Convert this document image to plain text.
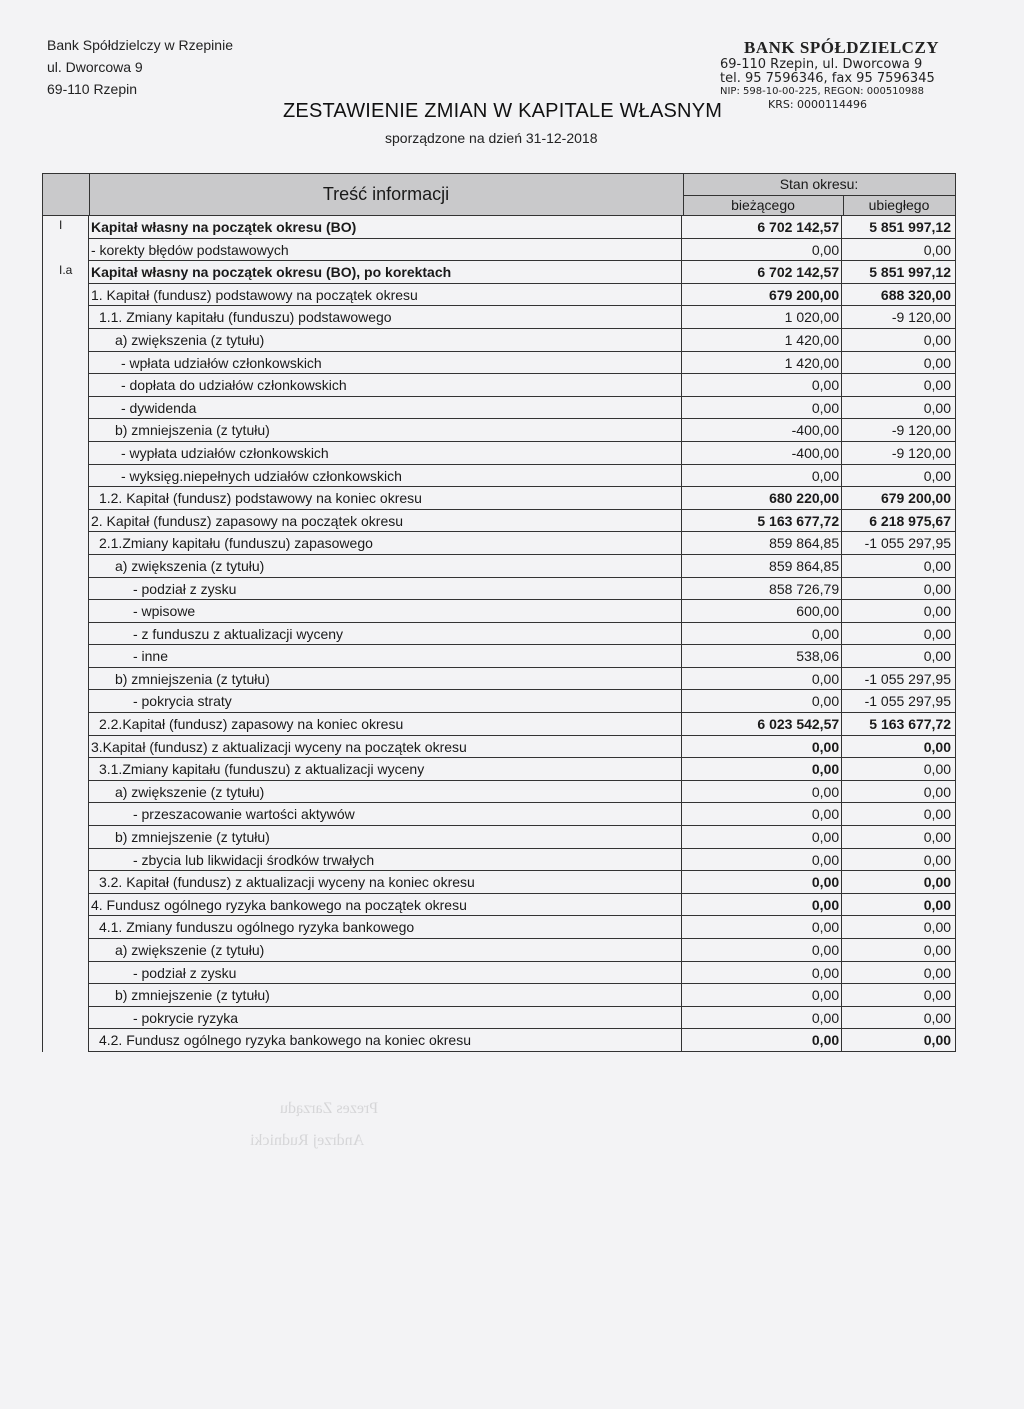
Bank Spółdzielczy w Rzepinie
ul. Dworcowa 9
69-110 Rzepin
BANK SPÓŁDZIELCZY
69-110 Rzepin, ul. Dworcowa 9
tel. 95 7596346, fax 95 7596345
NIP: 598-10-00-225, REGON: 000510988
KRS: 0000114496
ZESTAWIENIE ZMIAN W KAPITALE WŁASNYM
sporządzone na dzień 31-12-2018
Treść informacji	Stan okresu:
bieżącego	ubiegłego
I	Kapitał własny na początek okresu (BO)	6 702 142,57	5 851 997,12
- korekty błędów podstawowych	0,00	0,00
I.a	Kapitał własny na początek okresu (BO), po korektach	6 702 142,57	5 851 997,12
1. Kapitał (fundusz) podstawowy na początek okresu	679 200,00	688 320,00
1.1. Zmiany kapitału (funduszu) podstawowego	1 020,00	-9 120,00
a) zwiększenia (z tytułu)	1 420,00	0,00
- wpłata udziałów członkowskich	1 420,00	0,00
- dopłata do udziałów członkowskich	0,00	0,00
- dywidenda	0,00	0,00
b) zmniejszenia (z tytułu)	-400,00	-9 120,00
- wypłata udziałów członkowskich	-400,00	-9 120,00
- wyksięg.niepełnych udziałów członkowskich	0,00	0,00
1.2. Kapitał (fundusz) podstawowy na koniec okresu	680 220,00	679 200,00
2. Kapitał (fundusz) zapasowy na początek okresu	5 163 677,72	6 218 975,67
2.1.Zmiany kapitału (funduszu) zapasowego	859 864,85	-1 055 297,95
a) zwiększenia (z tytułu)	859 864,85	0,00
- podział z zysku	858 726,79	0,00
- wpisowe	600,00	0,00
- z funduszu z aktualizacji wyceny	0,00	0,00
- inne	538,06	0,00
b) zmniejszenia (z tytułu)	0,00	-1 055 297,95
- pokrycia straty	0,00	-1 055 297,95
2.2.Kapitał (fundusz) zapasowy na koniec okresu	6 023 542,57	5 163 677,72
3.Kapitał (fundusz) z aktualizacji wyceny na początek okresu	0,00	0,00
3.1.Zmiany kapitału (funduszu) z aktualizacji wyceny	0,00	0,00
a) zwiększenie (z tytułu)	0,00	0,00
- przeszacowanie wartości aktywów	0,00	0,00
b) zmniejszenie (z tytułu)	0,00	0,00
- zbycia lub likwidacji środków trwałych	0,00	0,00
3.2. Kapitał (fundusz) z aktualizacji wyceny na koniec okresu	0,00	0,00
4. Fundusz ogólnego ryzyka bankowego na początek okresu	0,00	0,00
4.1. Zmiany funduszu ogólnego ryzyka bankowego	0,00	0,00
a) zwiększenie (z tytułu)	0,00	0,00
- podział z zysku	0,00	0,00
b) zmniejszenie (z tytułu)	0,00	0,00
- pokrycie ryzyka	0,00	0,00
4.2. Fundusz ogólnego ryzyka bankowego na koniec okresu	0,00	0,00
Prezes Zarządu
Andrzej Rudnicki
